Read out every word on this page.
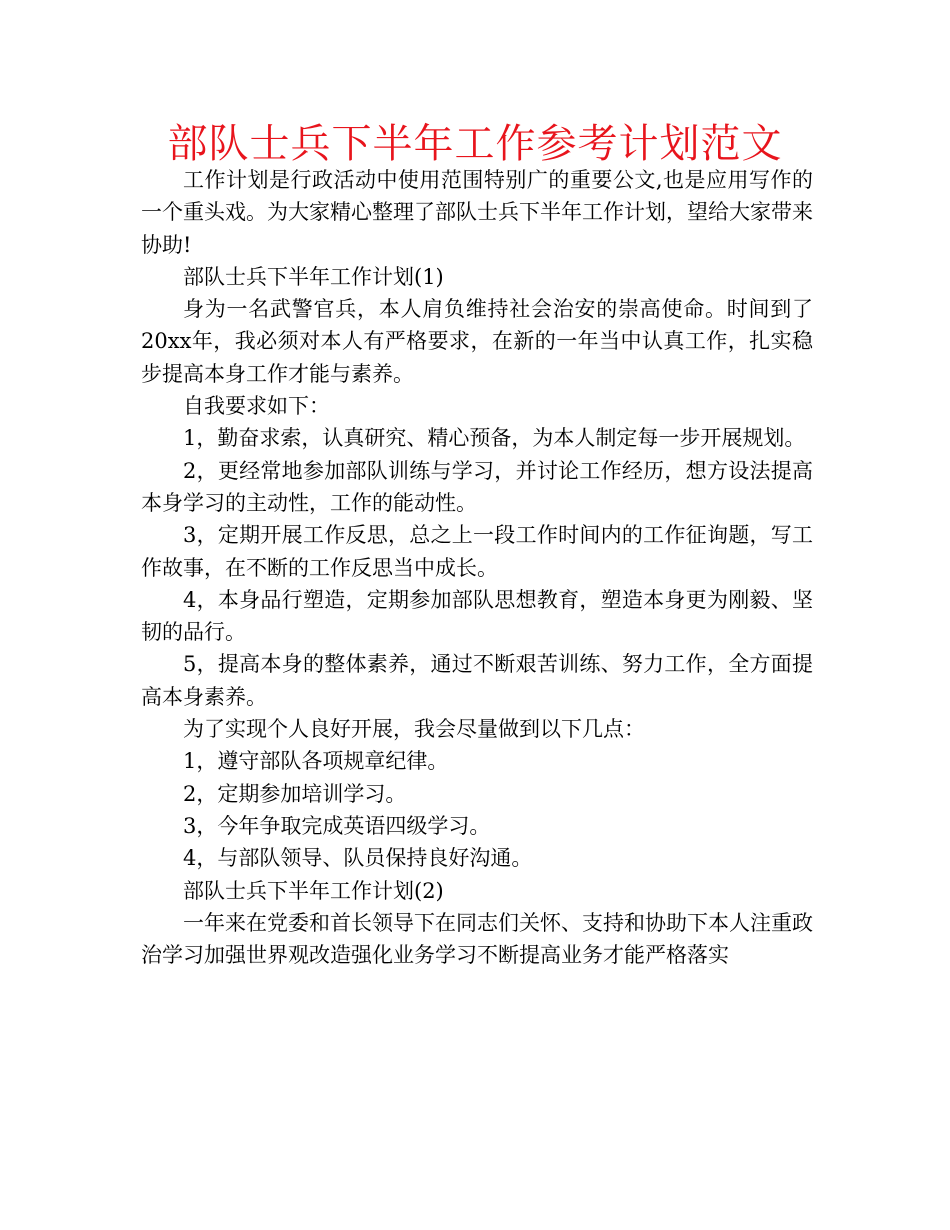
部队士兵下半年工作参考计划范文

工作计划是行政活动中使用范围特别广的重要公文,也是应用写作的一个重头戏。为大家精心整理了部队士兵下半年工作计划，望给大家带来协助!

部队士兵下半年工作计划(1)

身为一名武警官兵，本人肩负维持社会治安的崇高使命。时间到了20xx年，我必须对本人有严格要求，在新的一年当中认真工作，扎实稳步提高本身工作才能与素养。

自我要求如下：

1，勤奋求索，认真研究、精心预备，为本人制定每一步开展规划。

2，更经常地参加部队训练与学习，并讨论工作经历，想方设法提高本身学习的主动性，工作的能动性。

3，定期开展工作反思，总之上一段工作时间内的工作征询题，写工作故事，在不断的工作反思当中成长。

4，本身品行塑造，定期参加部队思想教育，塑造本身更为刚毅、坚韧的品行。

5，提高本身的整体素养，通过不断艰苦训练、努力工作，全方面提高本身素养。

为了实现个人良好开展，我会尽量做到以下几点：

1，遵守部队各项规章纪律。

2，定期参加培训学习。

3，今年争取完成英语四级学习。

4，与部队领导、队员保持良好沟通。

部队士兵下半年工作计划(2)

一年来在党委和首长领导下在同志们关怀、支持和协助下本人注重政治学习加强世界观改造强化业务学习不断提高业务才能严格落实
